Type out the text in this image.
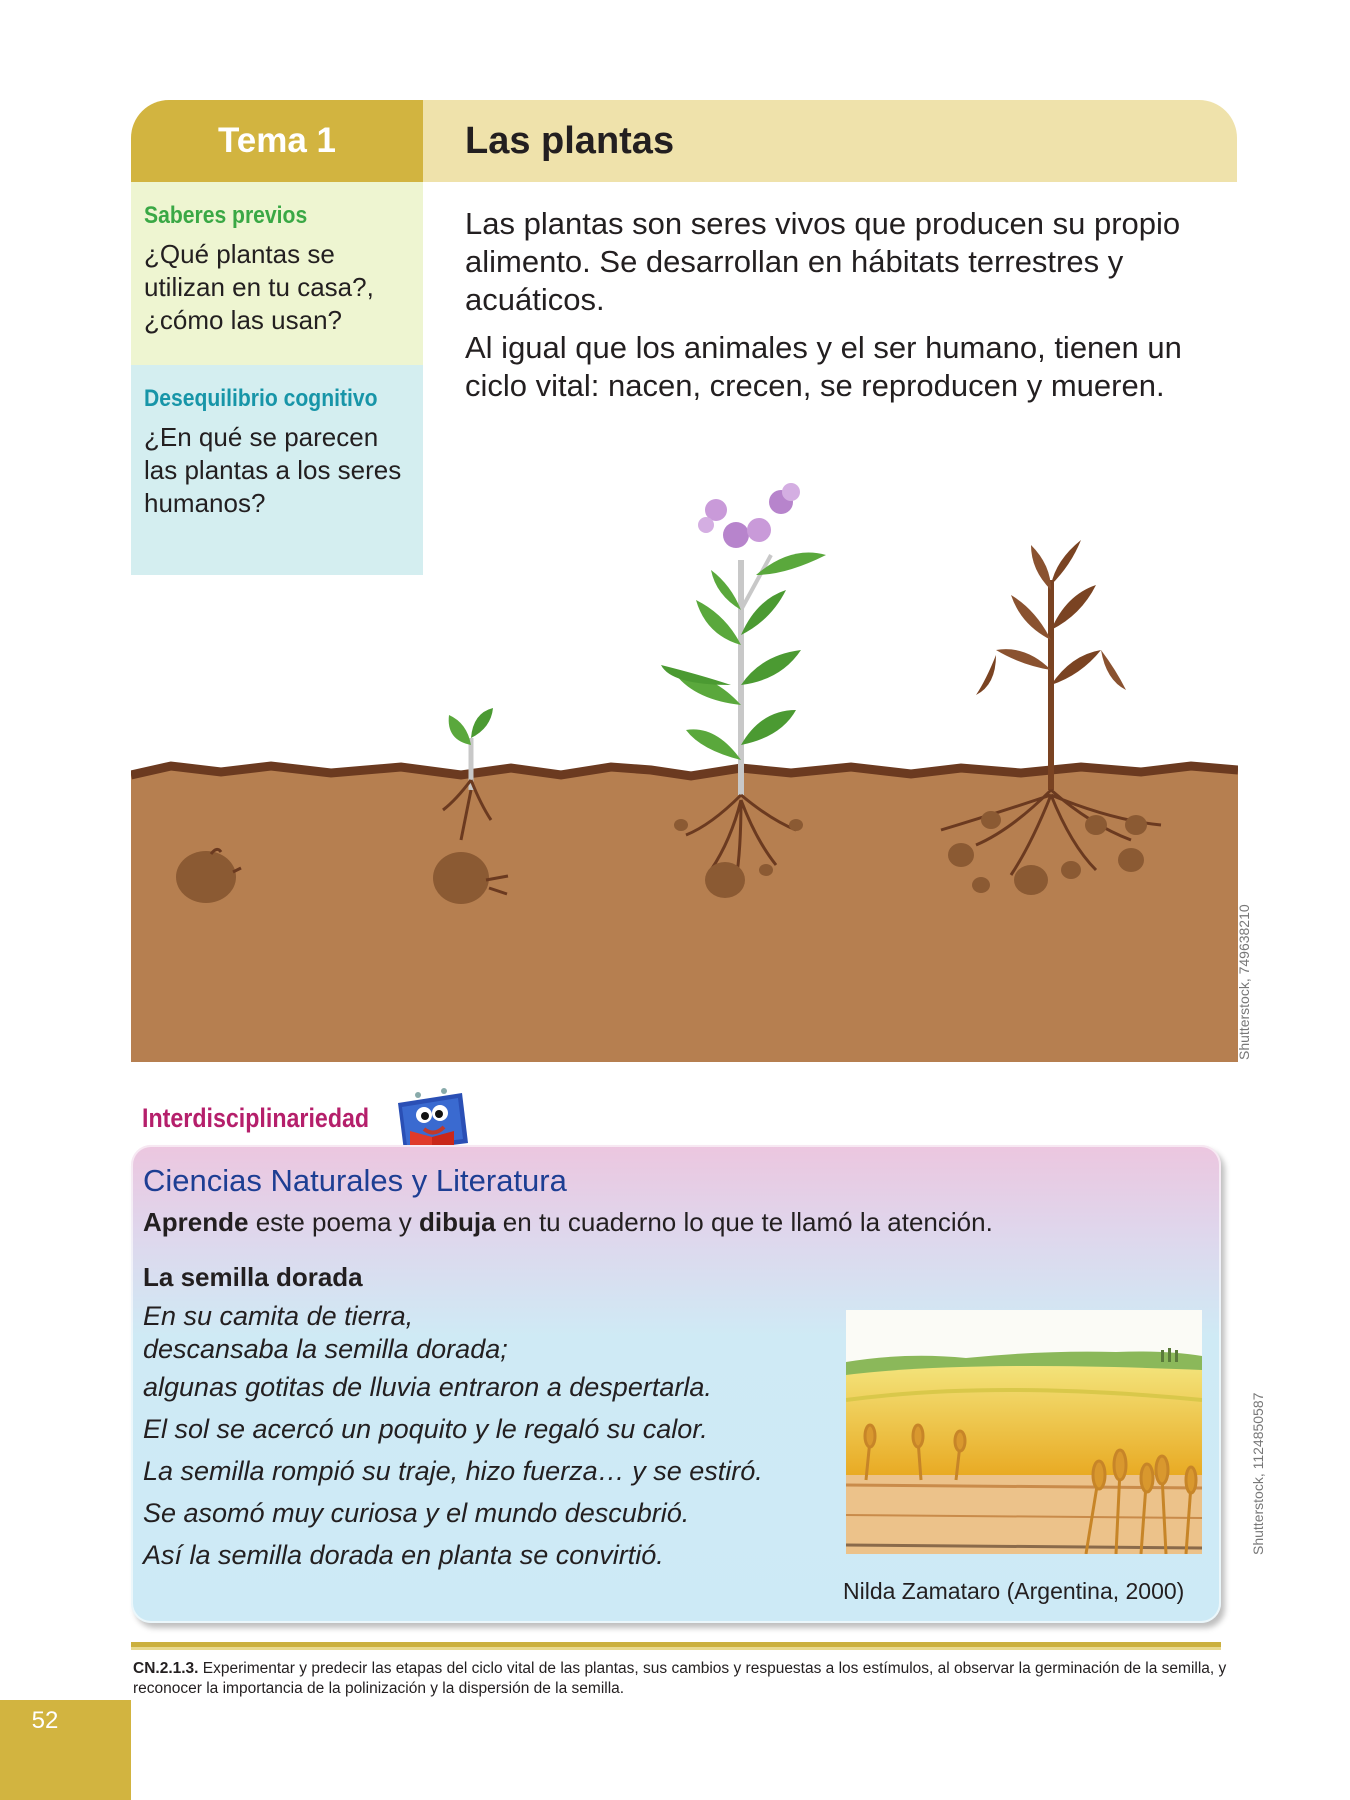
Tema 1	Las plantas
Saberes previos
¿Qué plantas se utilizan en tu casa?, ¿cómo las usan?
Desequilibrio cognitivo
¿En qué se parecen las plantas a los seres humanos?

Las plantas son seres vivos que producen su propio alimento. Se desarrollan en hábitats terrestres y acuáticos.

Al igual que los animales y el ser humano, tienen un ciclo vital: nacen, crecen, se reproducen y mueren.

Shutterstock, 749638210
Interdisciplinariedad
Ciencias Naturales y Literatura
Aprende este poema y dibuja en tu cuaderno lo que te llamó la atención.
La semilla dorada
En su camita de tierra,
descansaba la semilla dorada;
algunas gotitas de lluvia entraron a despertarla.
El sol se acercó un poquito y le regaló su calor.
La semilla rompió su traje, hizo fuerza… y se estiró.
Se asomó muy curiosa y el mundo descubrió.
Así la semilla dorada en planta se convirtió.	Shutterstock, 1124850587
Nilda Zamataro (Argentina, 2000)
CN.2.1.3. Experimentar y predecir las etapas del ciclo vital de las plantas, sus cambios y respuestas a los estímulos, al observar la germinación de la semilla, y reconocer la importancia de la polinización y la dispersión de la semilla.
52
